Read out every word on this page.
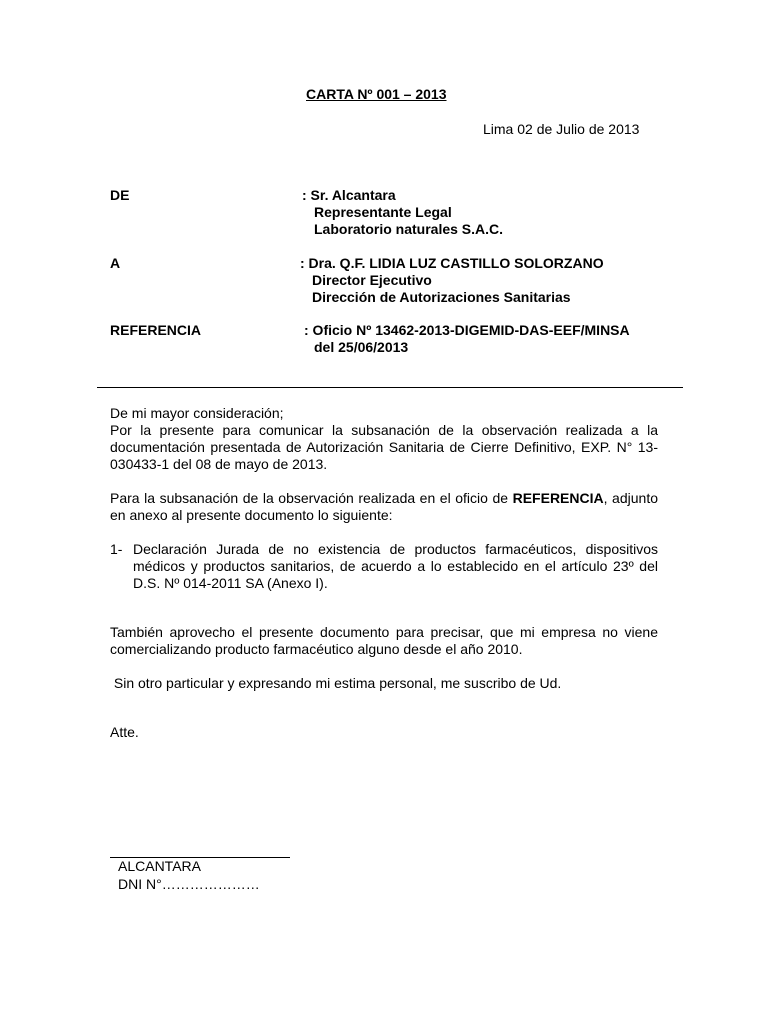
CARTA Nº 001 – 2013
Lima 02 de Julio de 2013
DE	: Sr. Alcantara
Representante Legal
Laboratorio naturales S.A.C.
A	: Dra. Q.F. LIDIA LUZ CASTILLO SOLORZANO
Director Ejecutivo
Dirección de Autorizaciones Sanitarias
REFERENCIA	: Oficio Nº 13462-2013-DIGEMID-DAS-EEF/MINSA
del 25/06/2013
De mi mayor consideración;
Por la presente para comunicar la subsanación de la observación realizada a la documentación presentada de Autorización Sanitaria de Cierre Definitivo, EXP. N° 13-030433-1 del 08 de mayo de 2013.
Para la subsanación de la observación realizada en el oficio de REFERENCIA, adjunto en anexo al presente documento lo siguiente:
1- Declaración Jurada de no existencia de productos farmacéuticos, dispositivos médicos y productos sanitarios, de acuerdo a lo establecido en el artículo 23º del D.S. Nº 014-2011 SA (Anexo I).
También aprovecho el presente documento para precisar, que mi empresa no viene comercializando producto farmacéutico alguno desde el año 2010.
Sin otro particular y expresando mi estima personal, me suscribo de Ud.
Atte.
ALCANTARA
DNI N°…………………
